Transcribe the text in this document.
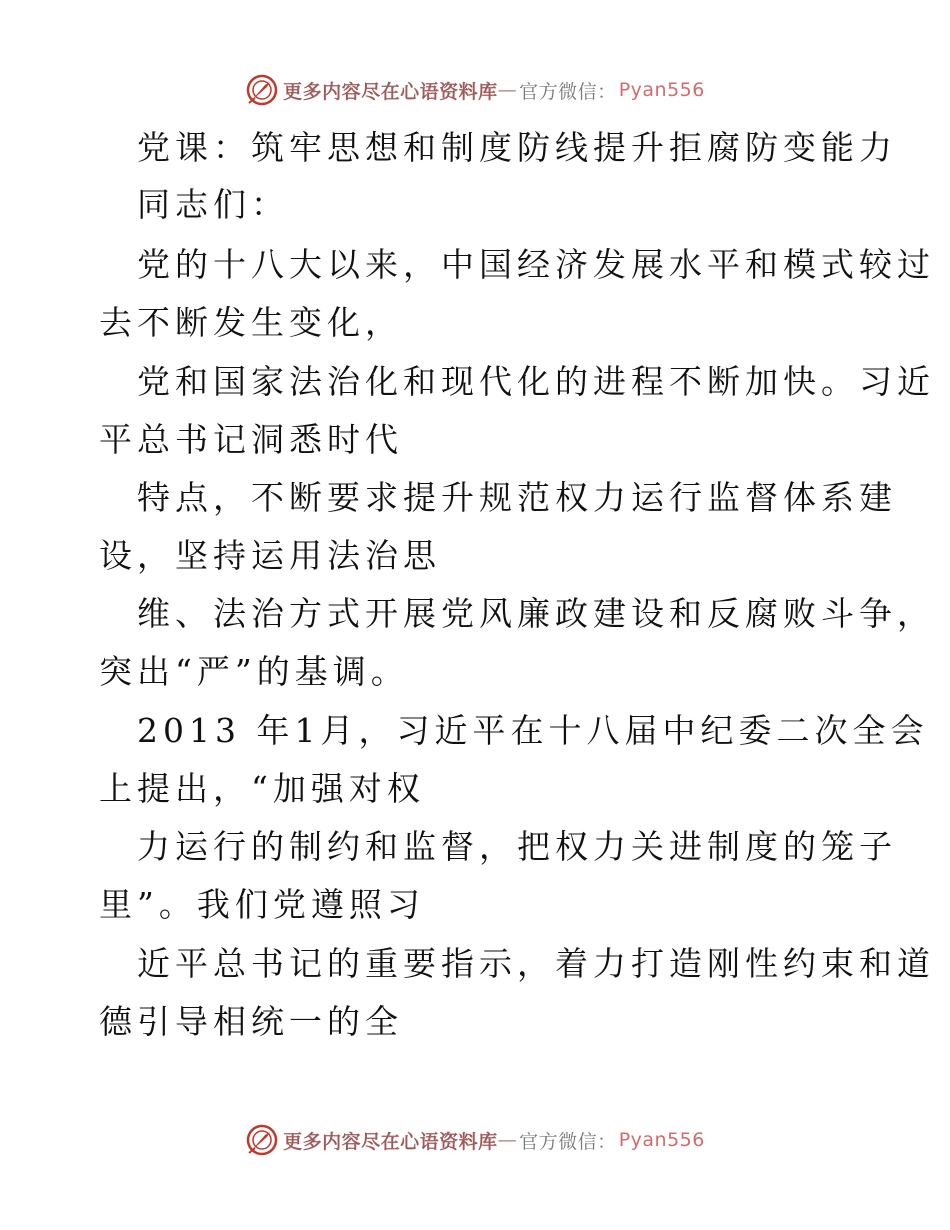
更多内容尽在心语资料库 — 官方微信： Pyan556
党课：筑牢思想和制度防线提升拒腐防变能力
同志们：
党的十八大以来，中国经济发展水平和模式较过
去不断发生变化，
党和国家法治化和现代化的进程不断加快。习近
平总书记洞悉时代
特点，不断要求提升规范权力运行监督体系建
设，坚持运用法治思
维、法治方式开展党风廉政建设和反腐败斗争，
突出“严”的基调。
2013 年1月，习近平在十八届中纪委二次全会
上提出，“加强对权
力运行的制约和监督，把权力关进制度的笼子
里”。我们党遵照习
近平总书记的重要指示，着力打造刚性约束和道
德引导相统一的全
更多内容尽在心语资料库 — 官方微信： Pyan556
